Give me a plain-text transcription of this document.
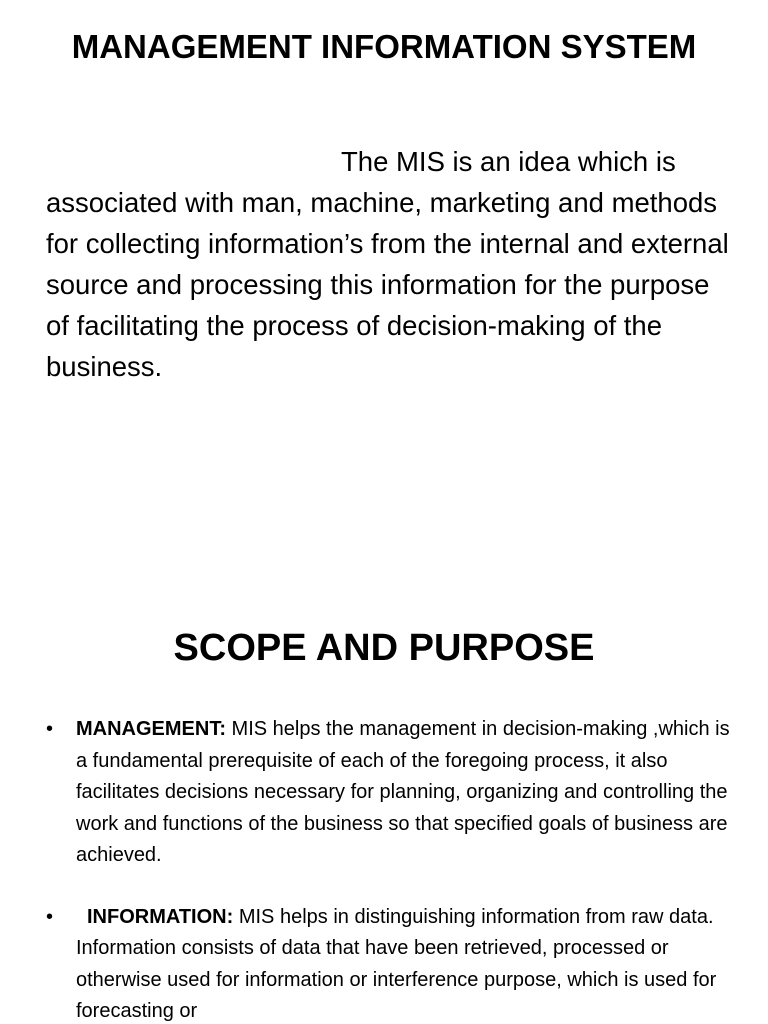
MANAGEMENT INFORMATION SYSTEM

The MIS is an idea which is associated with man, machine, marketing and methods for collecting information’s from the internal and external source and processing this information for the purpose of facilitating the process of decision-making of the business.

SCOPE AND PURPOSE
• MANAGEMENT: MIS helps the management in decision-making ,which is a fundamental prerequisite of each of the foregoing process, it also facilitates decisions necessary for planning, organizing and controlling the work and functions of the business so that specified goals of business are achieved.
• INFORMATION: MIS helps in distinguishing information from raw data. Information consists of data that have been retrieved, processed or otherwise used for information or interference purpose, which is used for forecasting or
